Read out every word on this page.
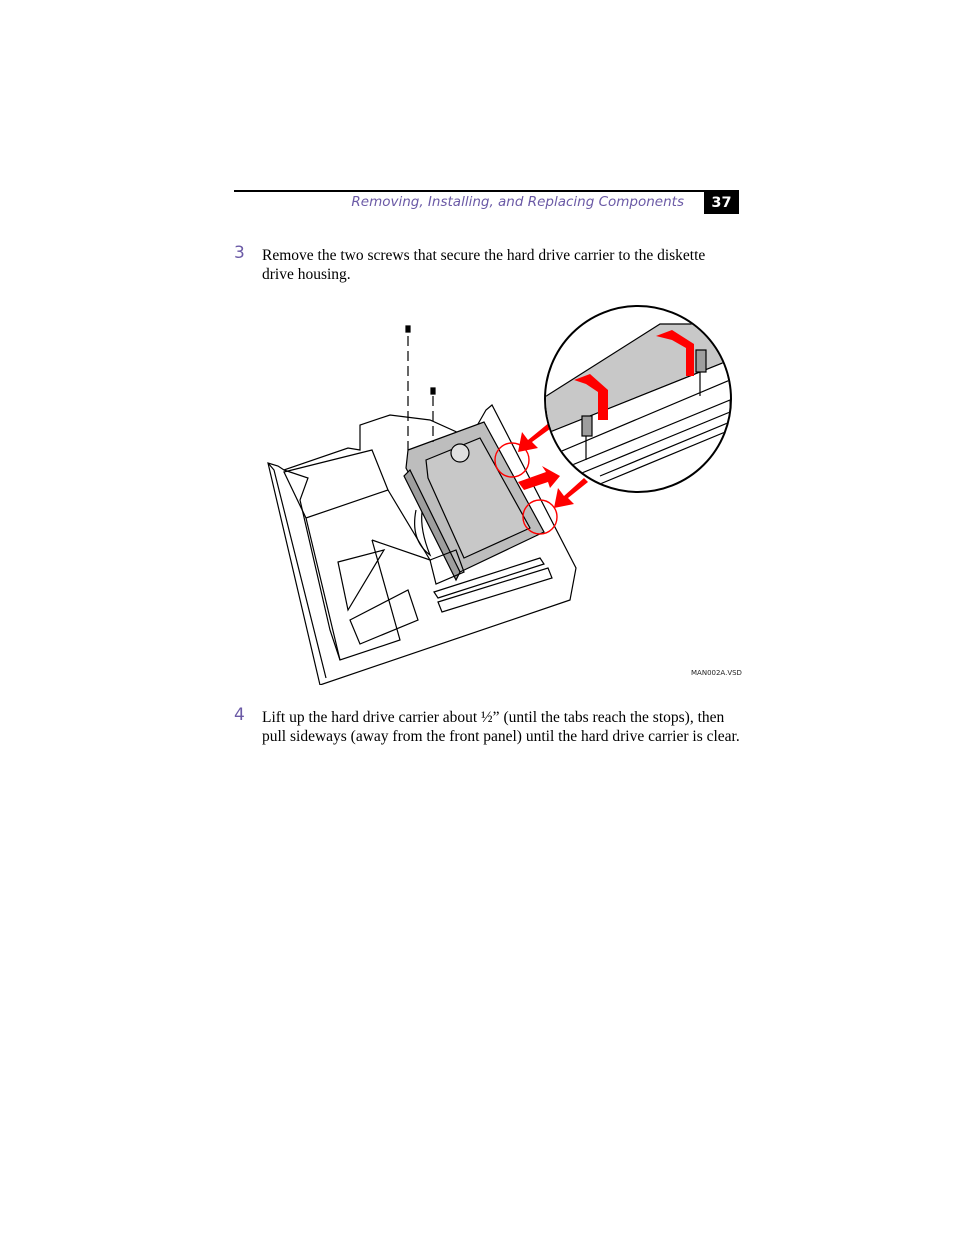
Removing, Installing, and Replacing Components	37
3 Remove the two screws that secure the hard drive carrier to the diskette drive housing.
MAN002A.VSD
4 Lift up the hard drive carrier about ½” (until the tabs reach the stops), then pull sideways (away from the front panel) until the hard drive carrier is clear.
